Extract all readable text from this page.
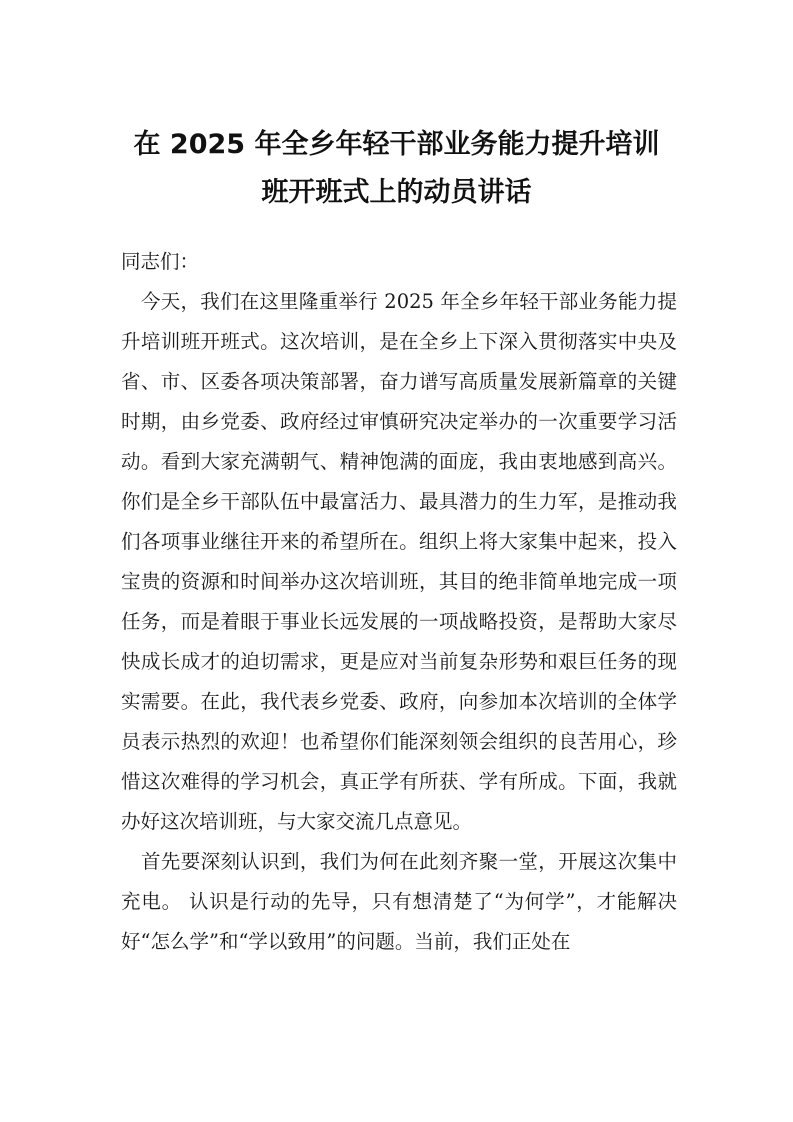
在 2025 年全乡年轻干部业务能力提升培训
班开班式上的动员讲话

同志们：

今天，我们在这里隆重举行 2025 年全乡年轻干部业务能力提升培训班开班式。这次培训，是在全乡上下深入贯彻落实中央及省、市、区委各项决策部署，奋力谱写高质量发展新篇章的关键时期，由乡党委、政府经过审慎研究决定举办的一次重要学习活动。看到大家充满朝气、精神饱满的面庞，我由衷地感到高兴。你们是全乡干部队伍中最富活力、最具潜力的生力军，是推动我们各项事业继往开来的希望所在。组织上将大家集中起来，投入宝贵的资源和时间举办这次培训班，其目的绝非简单地完成一项任务，而是着眼于事业长远发展的一项战略投资，是帮助大家尽快成长成才的迫切需求，更是应对当前复杂形势和艰巨任务的现实需要。在此，我代表乡党委、政府，向参加本次培训的全体学员表示热烈的欢迎！也希望你们能深刻领会组织的良苦用心，珍惜这次难得的学习机会，真正学有所获、学有所成。下面，我就办好这次培训班，与大家交流几点意见。

首先要深刻认识到，我们为何在此刻齐聚一堂，开展这次集中充电。 认识是行动的先导，只有想清楚了“为何学”，才能解决好“怎么学”和“学以致用”的问题。当前，我们正处在
